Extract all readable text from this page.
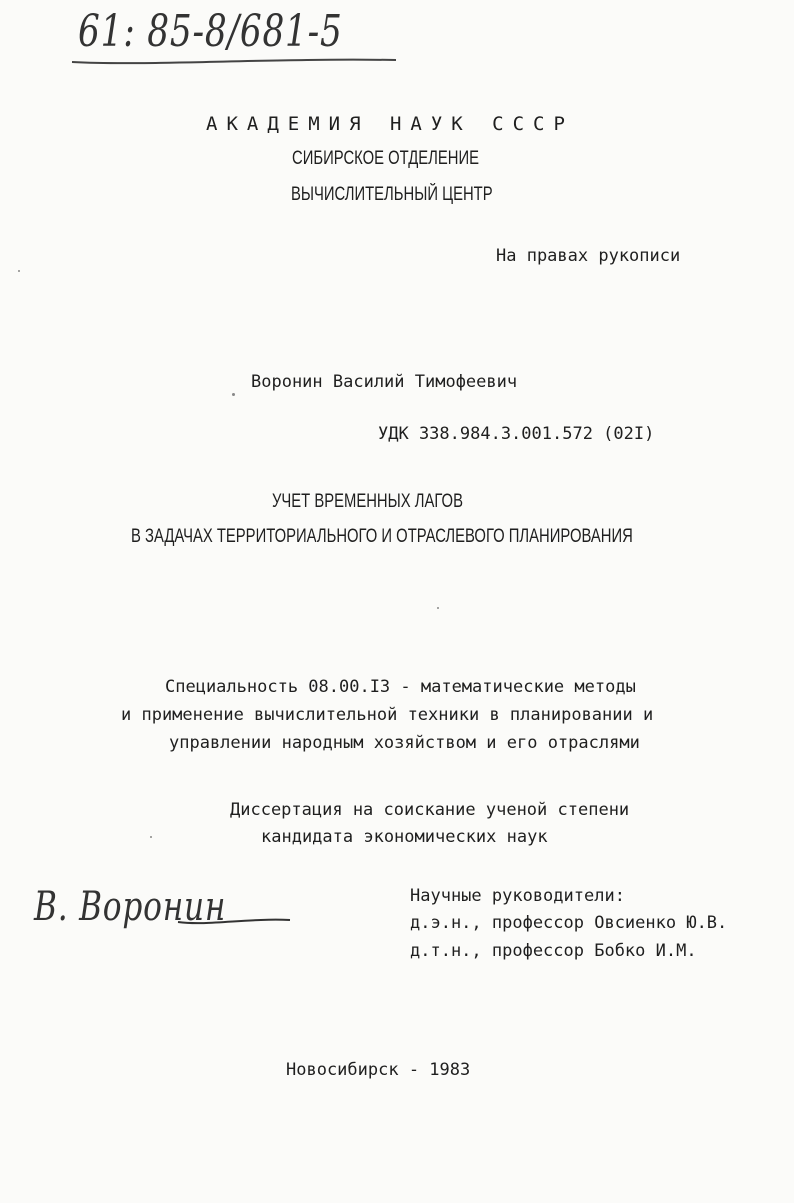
61: 85-8/681-5
АКАДЕМИЯ НАУК СССР
СИБИРСКОЕ ОТДЕЛЕНИЕ
ВЫЧИСЛИТЕЛЬНЫЙ ЦЕНТР
На правах рукописи
Воронин Василий Тимофеевич
УДК 338.984.3.001.572 (02I)
УЧЕТ ВРЕМЕННЫХ ЛАГОВ
В ЗАДАЧАХ ТЕРРИТОРИАЛЬНОГО И ОТРАСЛЕВОГО ПЛАНИРОВАНИЯ
Специальность 08.00.I3 - математические методы
и применение вычислительной техники в планировании и
управлении народным хозяйством и его отраслями
Диссертация на соискание ученой степени
кандидата экономических наук
В. Воронин	Научные руководители:
д.э.н., профессор Овсиенко Ю.В.
д.т.н., профессор Бобко И.М.
Новосибирск - 1983
